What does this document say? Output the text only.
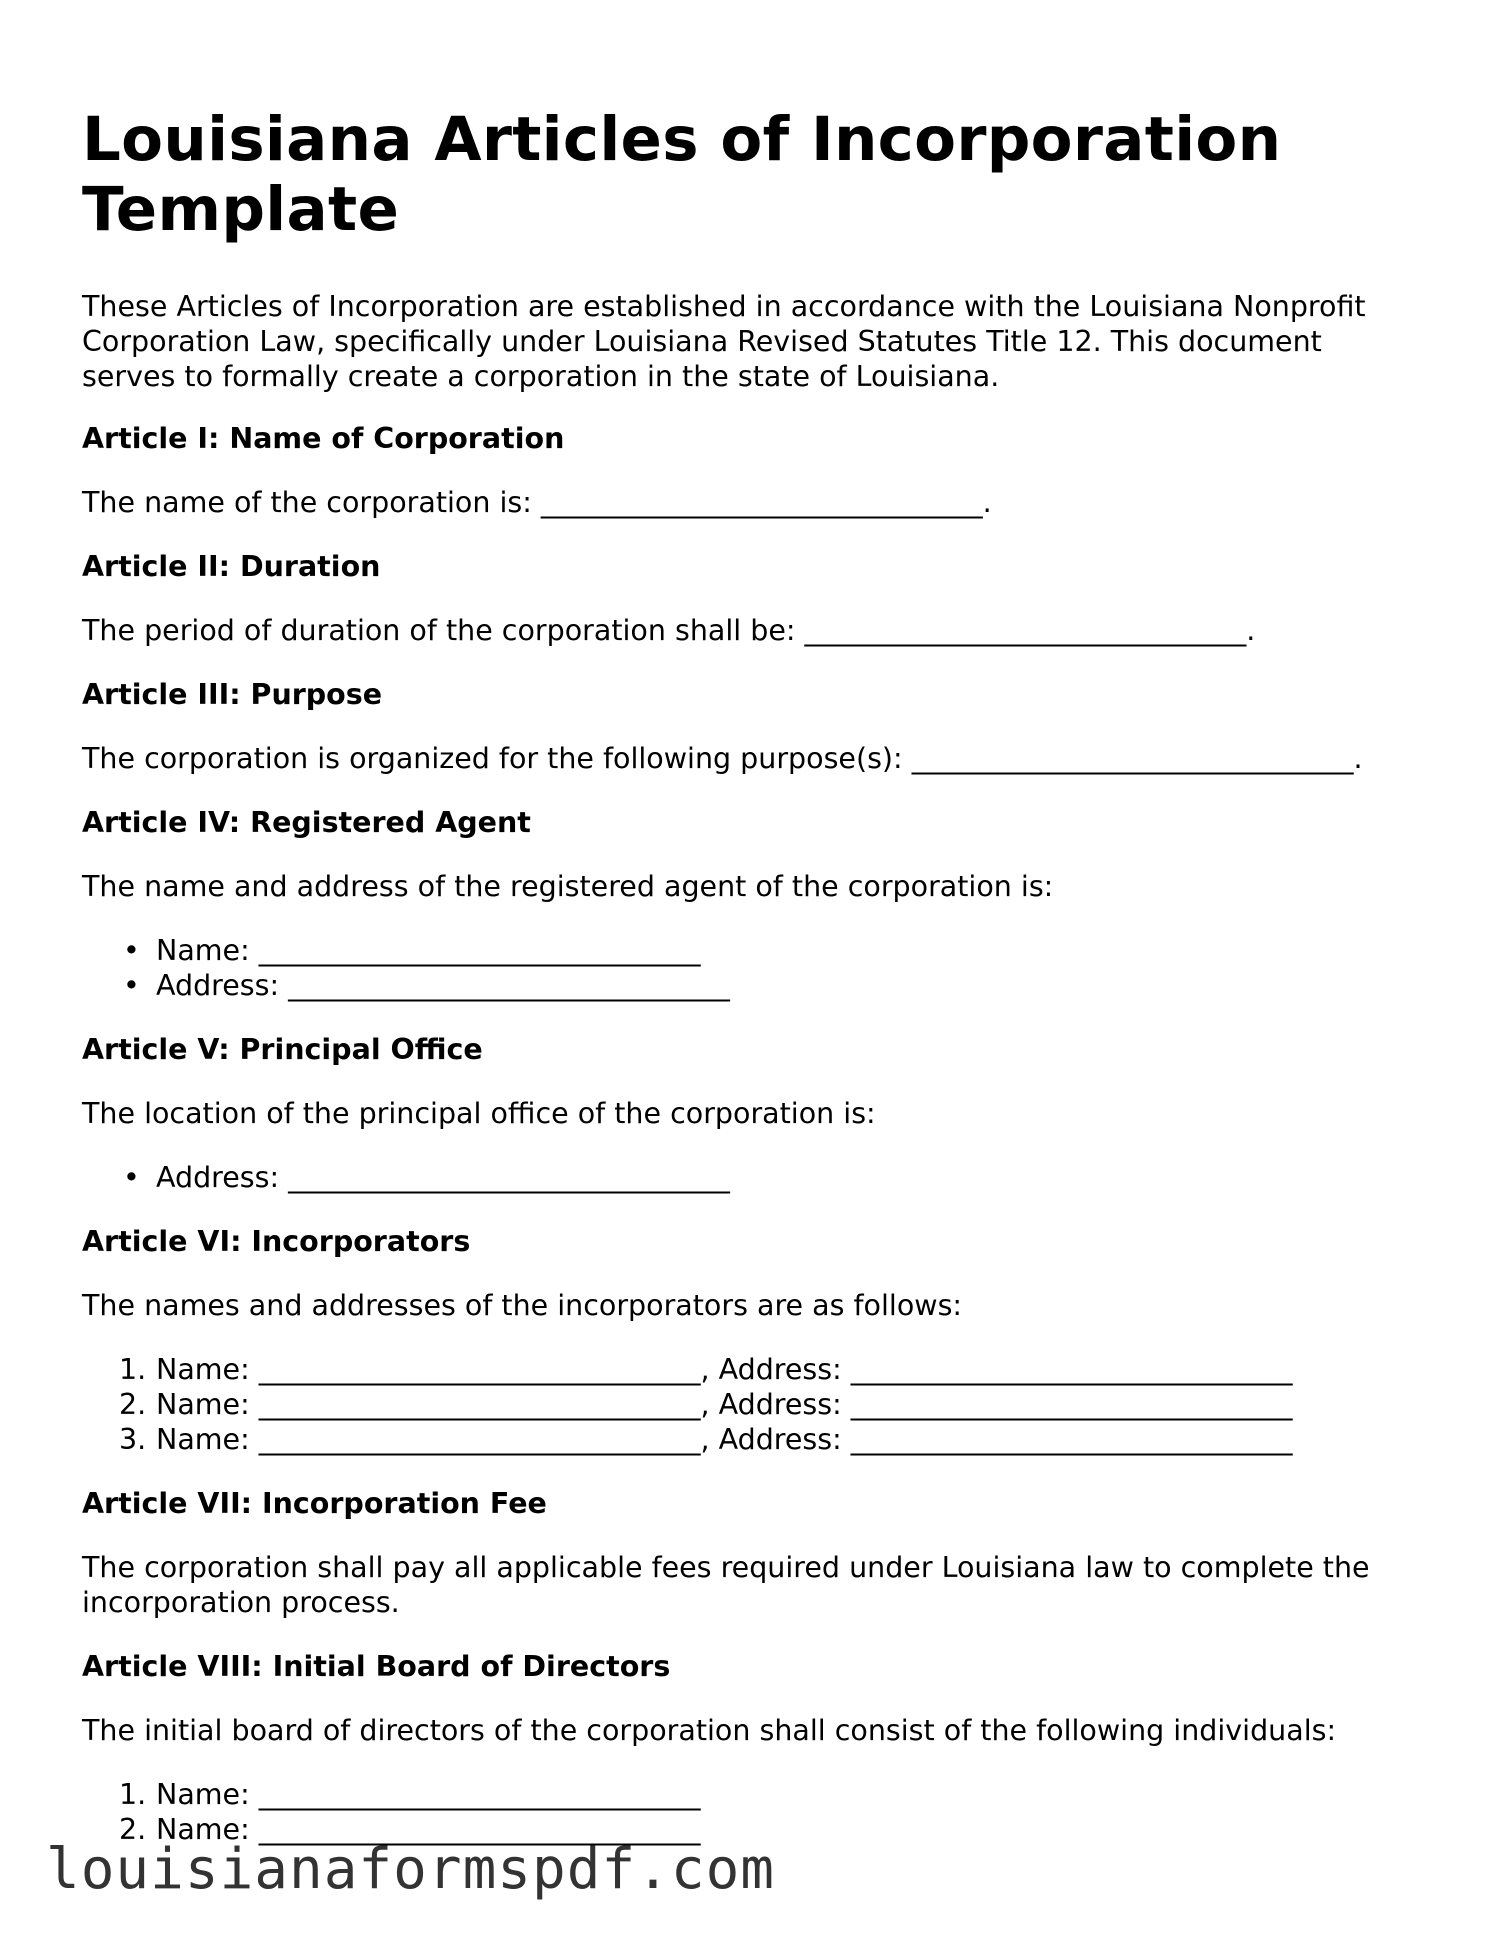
Louisiana Articles of Incorporation Template

These Articles of Incorporation are established in accordance with the Louisiana Nonprofit Corporation Law, specifically under Louisiana Revised Statutes Title 12. This document serves to formally create a corporation in the state of Louisiana.

Article I: Name of Corporation

The name of the corporation is: _______________________________.

Article II: Duration

The period of duration of the corporation shall be: _______________________________.

Article III: Purpose

The corporation is organized for the following purpose(s): _______________________________.

Article IV: Registered Agent

The name and address of the registered agent of the corporation is:

• Name: _______________________________
• Address: _______________________________
Article V: Principal Office

The location of the principal office of the corporation is:

• Address: _______________________________
Article VI: Incorporators

The names and addresses of the incorporators are as follows:

1. Name: _______________________________, Address: _______________________________
2. Name: _______________________________, Address: _______________________________
3. Name: _______________________________, Address: _______________________________
Article VII: Incorporation Fee

The corporation shall pay all applicable fees required under Louisiana law to complete the incorporation process.

Article VIII: Initial Board of Directors

The initial board of directors of the corporation shall consist of the following individuals:

1. Name: _______________________________
2. Name: _______________________________
louisianaformspdf.com
